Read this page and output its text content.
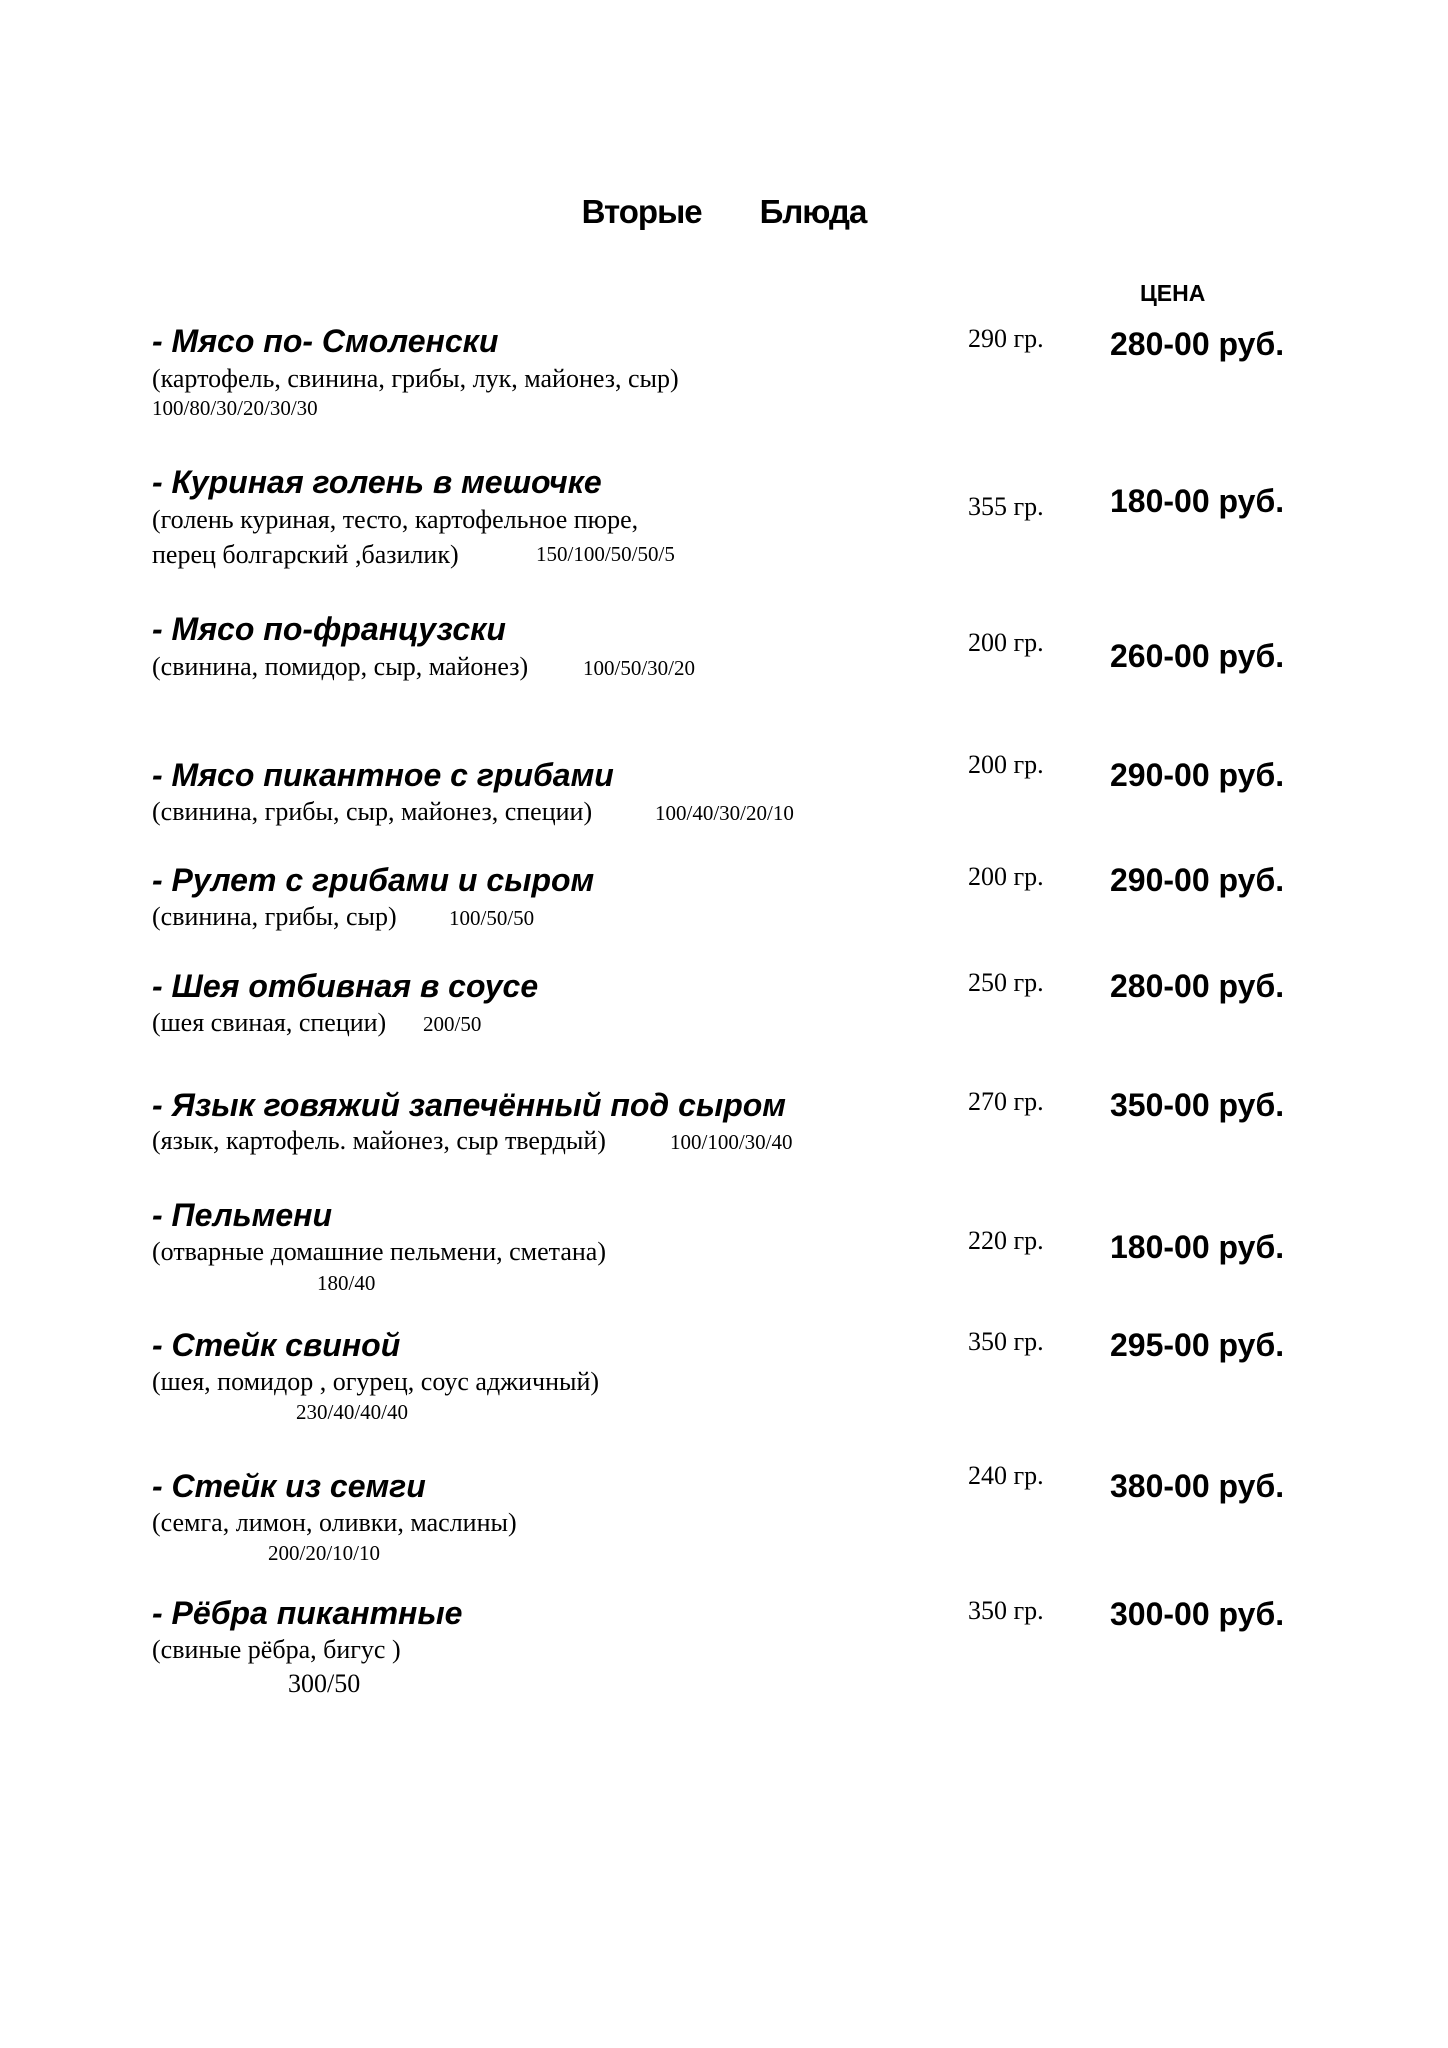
Вторые Блюда
ЦЕНА
- Мясо по- Смоленски
(картофель, свинина, грибы, лук, майонез, сыр)
100/80/30/20/30/30
290 гр. 280-00 руб.
- Куриная голень в мешочке
(голень куриная, тесто, картофельное пюре,
перец болгарский ,базилик)	150/100/50/50/5
355 гр. 180-00 руб.
- Мясо по-французски
(свинина, помидор, сыр, майонез)	100/50/30/20
200 гр. 260-00 руб.
- Мясо пикантное с грибами
(свинина, грибы, сыр, майонез, специи)	100/40/30/20/10
200 гр. 290-00 руб.
- Рулет с грибами и сыром
(свинина, грибы, сыр) 100/50/50
200 гр. 290-00 руб.
- Шея отбивная в соусе
(шея свиная, специи) 200/50
250 гр. 280-00 руб.
- Язык говяжий запечённый под сыром
(язык, картофель. майонез, сыр твердый)	100/100/30/40
270 гр. 350-00 руб.
- Пельмени
(отварные домашние пельмени, сметана)
180/40
220 гр. 180-00 руб.
- Стейк свиной
(шея, помидор , огурец, соус аджичный)
230/40/40/40
350 гр. 295-00 руб.
- Стейк из семги
(семга, лимон, оливки, маслины)
200/20/10/10
240 гр. 380-00 руб.
- Рёбра пикантные
(свиные рёбра, бигус )
300/50
350 гр. 300-00 руб.
